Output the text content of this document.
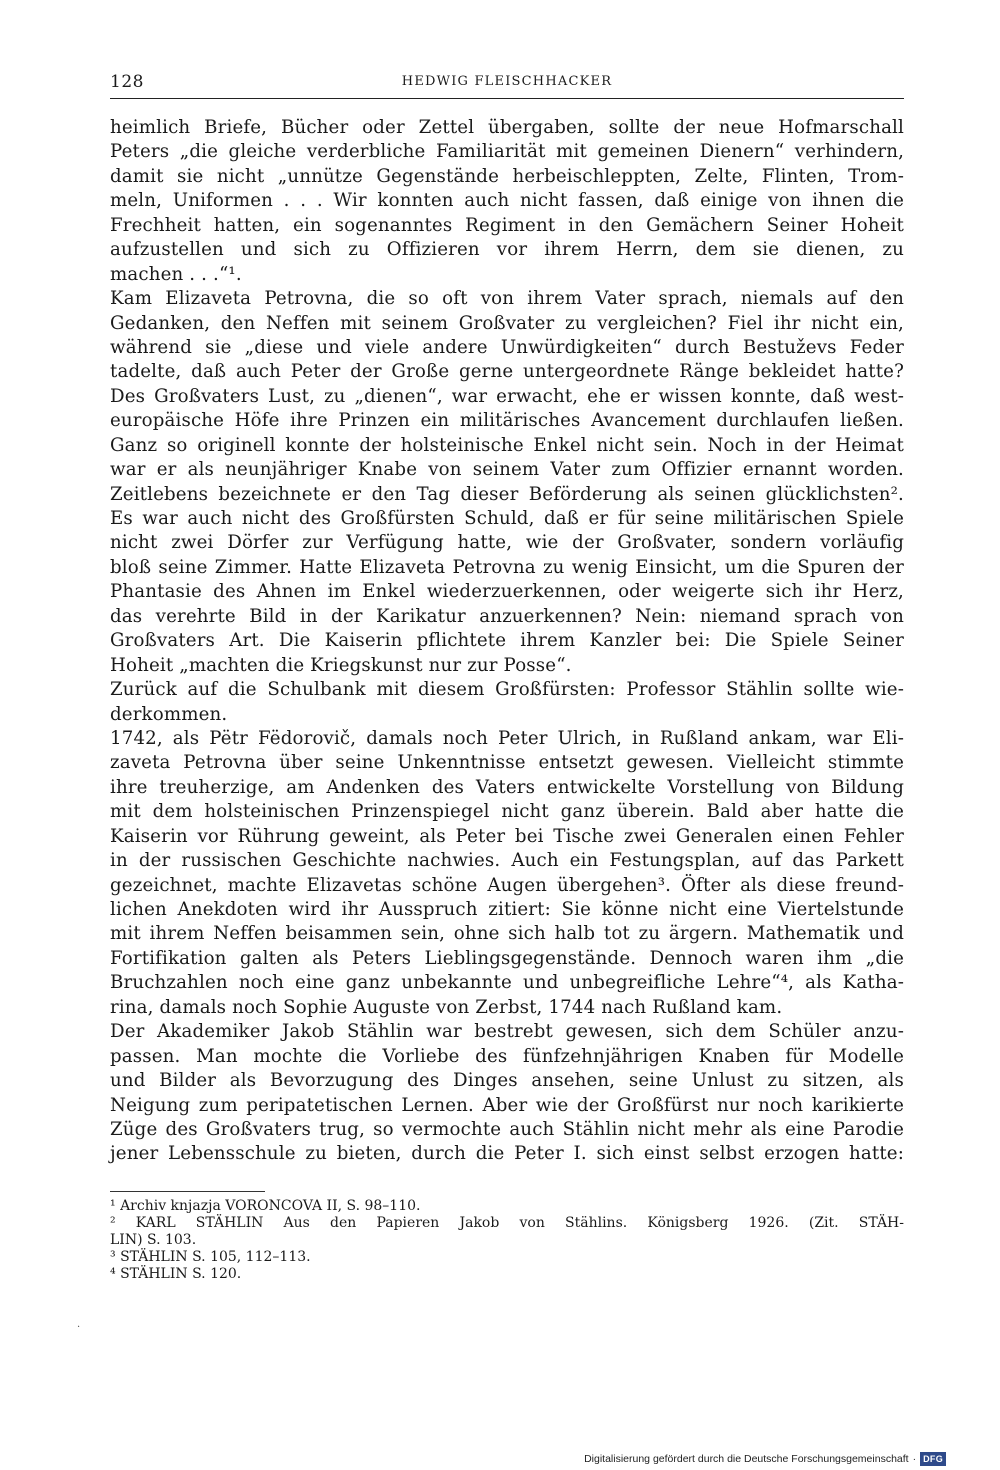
128	HEDWIG FLEISCHHACKER
heimlich Briefe, Bücher oder Zettel übergaben, sollte der neue Hofmarschall
Peters „die gleiche verderbliche Familiarität mit gemeinen Dienern“ verhindern,
damit sie nicht „unnütze Gegenstände herbeischleppten, Zelte, Flinten, Trom-
meln, Uniformen . . . Wir konnten auch nicht fassen, daß einige von ihnen die
Frechheit hatten, ein sogenanntes Regiment in den Gemächern Seiner Hoheit
aufzustellen und sich zu Offizieren vor ihrem Herrn, dem sie dienen, zu
machen . . .“¹.
Kam Elizaveta Petrovna, die so oft von ihrem Vater sprach, niemals auf den
Gedanken, den Neffen mit seinem Großvater zu vergleichen? Fiel ihr nicht ein,
während sie „diese und viele andere Unwürdigkeiten“ durch Bestuževs Feder
tadelte, daß auch Peter der Große gerne untergeordnete Ränge bekleidet hatte?
Des Großvaters Lust, zu „dienen“, war erwacht, ehe er wissen konnte, daß west-
europäische Höfe ihre Prinzen ein militärisches Avancement durchlaufen ließen.
Ganz so originell konnte der holsteinische Enkel nicht sein. Noch in der Heimat
war er als neunjähriger Knabe von seinem Vater zum Offizier ernannt worden.
Zeitlebens bezeichnete er den Tag dieser Beförderung als seinen glücklichsten².
Es war auch nicht des Großfürsten Schuld, daß er für seine militärischen Spiele
nicht zwei Dörfer zur Verfügung hatte, wie der Großvater, sondern vorläufig
bloß seine Zimmer. Hatte Elizaveta Petrovna zu wenig Einsicht, um die Spuren der
Phantasie des Ahnen im Enkel wiederzuerkennen, oder weigerte sich ihr Herz,
das verehrte Bild in der Karikatur anzuerkennen? Nein: niemand sprach von
Großvaters Art. Die Kaiserin pflichtete ihrem Kanzler bei: Die Spiele Seiner
Hoheit „machten die Kriegskunst nur zur Posse“.
Zurück auf die Schulbank mit diesem Großfürsten: Professor Stählin sollte wie-
derkommen.
1742, als Pëtr Fëdorovič, damals noch Peter Ulrich, in Rußland ankam, war Eli-
zaveta Petrovna über seine Unkenntnisse entsetzt gewesen. Vielleicht stimmte
ihre treuherzige, am Andenken des Vaters entwickelte Vorstellung von Bildung
mit dem holsteinischen Prinzenspiegel nicht ganz überein. Bald aber hatte die
Kaiserin vor Rührung geweint, als Peter bei Tische zwei Generalen einen Fehler
in der russischen Geschichte nachwies. Auch ein Festungsplan, auf das Parkett
gezeichnet, machte Elizavetas schöne Augen übergehen³. Öfter als diese freund-
lichen Anekdoten wird ihr Ausspruch zitiert: Sie könne nicht eine Viertelstunde
mit ihrem Neffen beisammen sein, ohne sich halb tot zu ärgern. Mathematik und
Fortifikation galten als Peters Lieblingsgegenstände. Dennoch waren ihm „die
Bruchzahlen noch eine ganz unbekannte und unbegreifliche Lehre“⁴, als Katha-
rina, damals noch Sophie Auguste von Zerbst, 1744 nach Rußland kam.
Der Akademiker Jakob Stählin war bestrebt gewesen, sich dem Schüler anzu-
passen. Man mochte die Vorliebe des fünfzehnjährigen Knaben für Modelle
und Bilder als Bevorzugung des Dinges ansehen, seine Unlust zu sitzen, als
Neigung zum peripatetischen Lernen. Aber wie der Großfürst nur noch karikierte
Züge des Großvaters trug, so vermochte auch Stählin nicht mehr als eine Parodie
jener Lebensschule zu bieten, durch die Peter I. sich einst selbst erzogen hatte:
¹ Archiv knjazja VORONCOVA II, S. 98–110.
² KARL STÄHLIN Aus den Papieren Jakob von Stählins. Königsberg 1926. (Zit. STÄH-
LIN) S. 103.
³ STÄHLIN S. 105, 112–113.
⁴ STÄHLIN S. 120.
·
Digitalisierung gefördert durch die Deutsche Forschungsgemeinschaft · DFG
